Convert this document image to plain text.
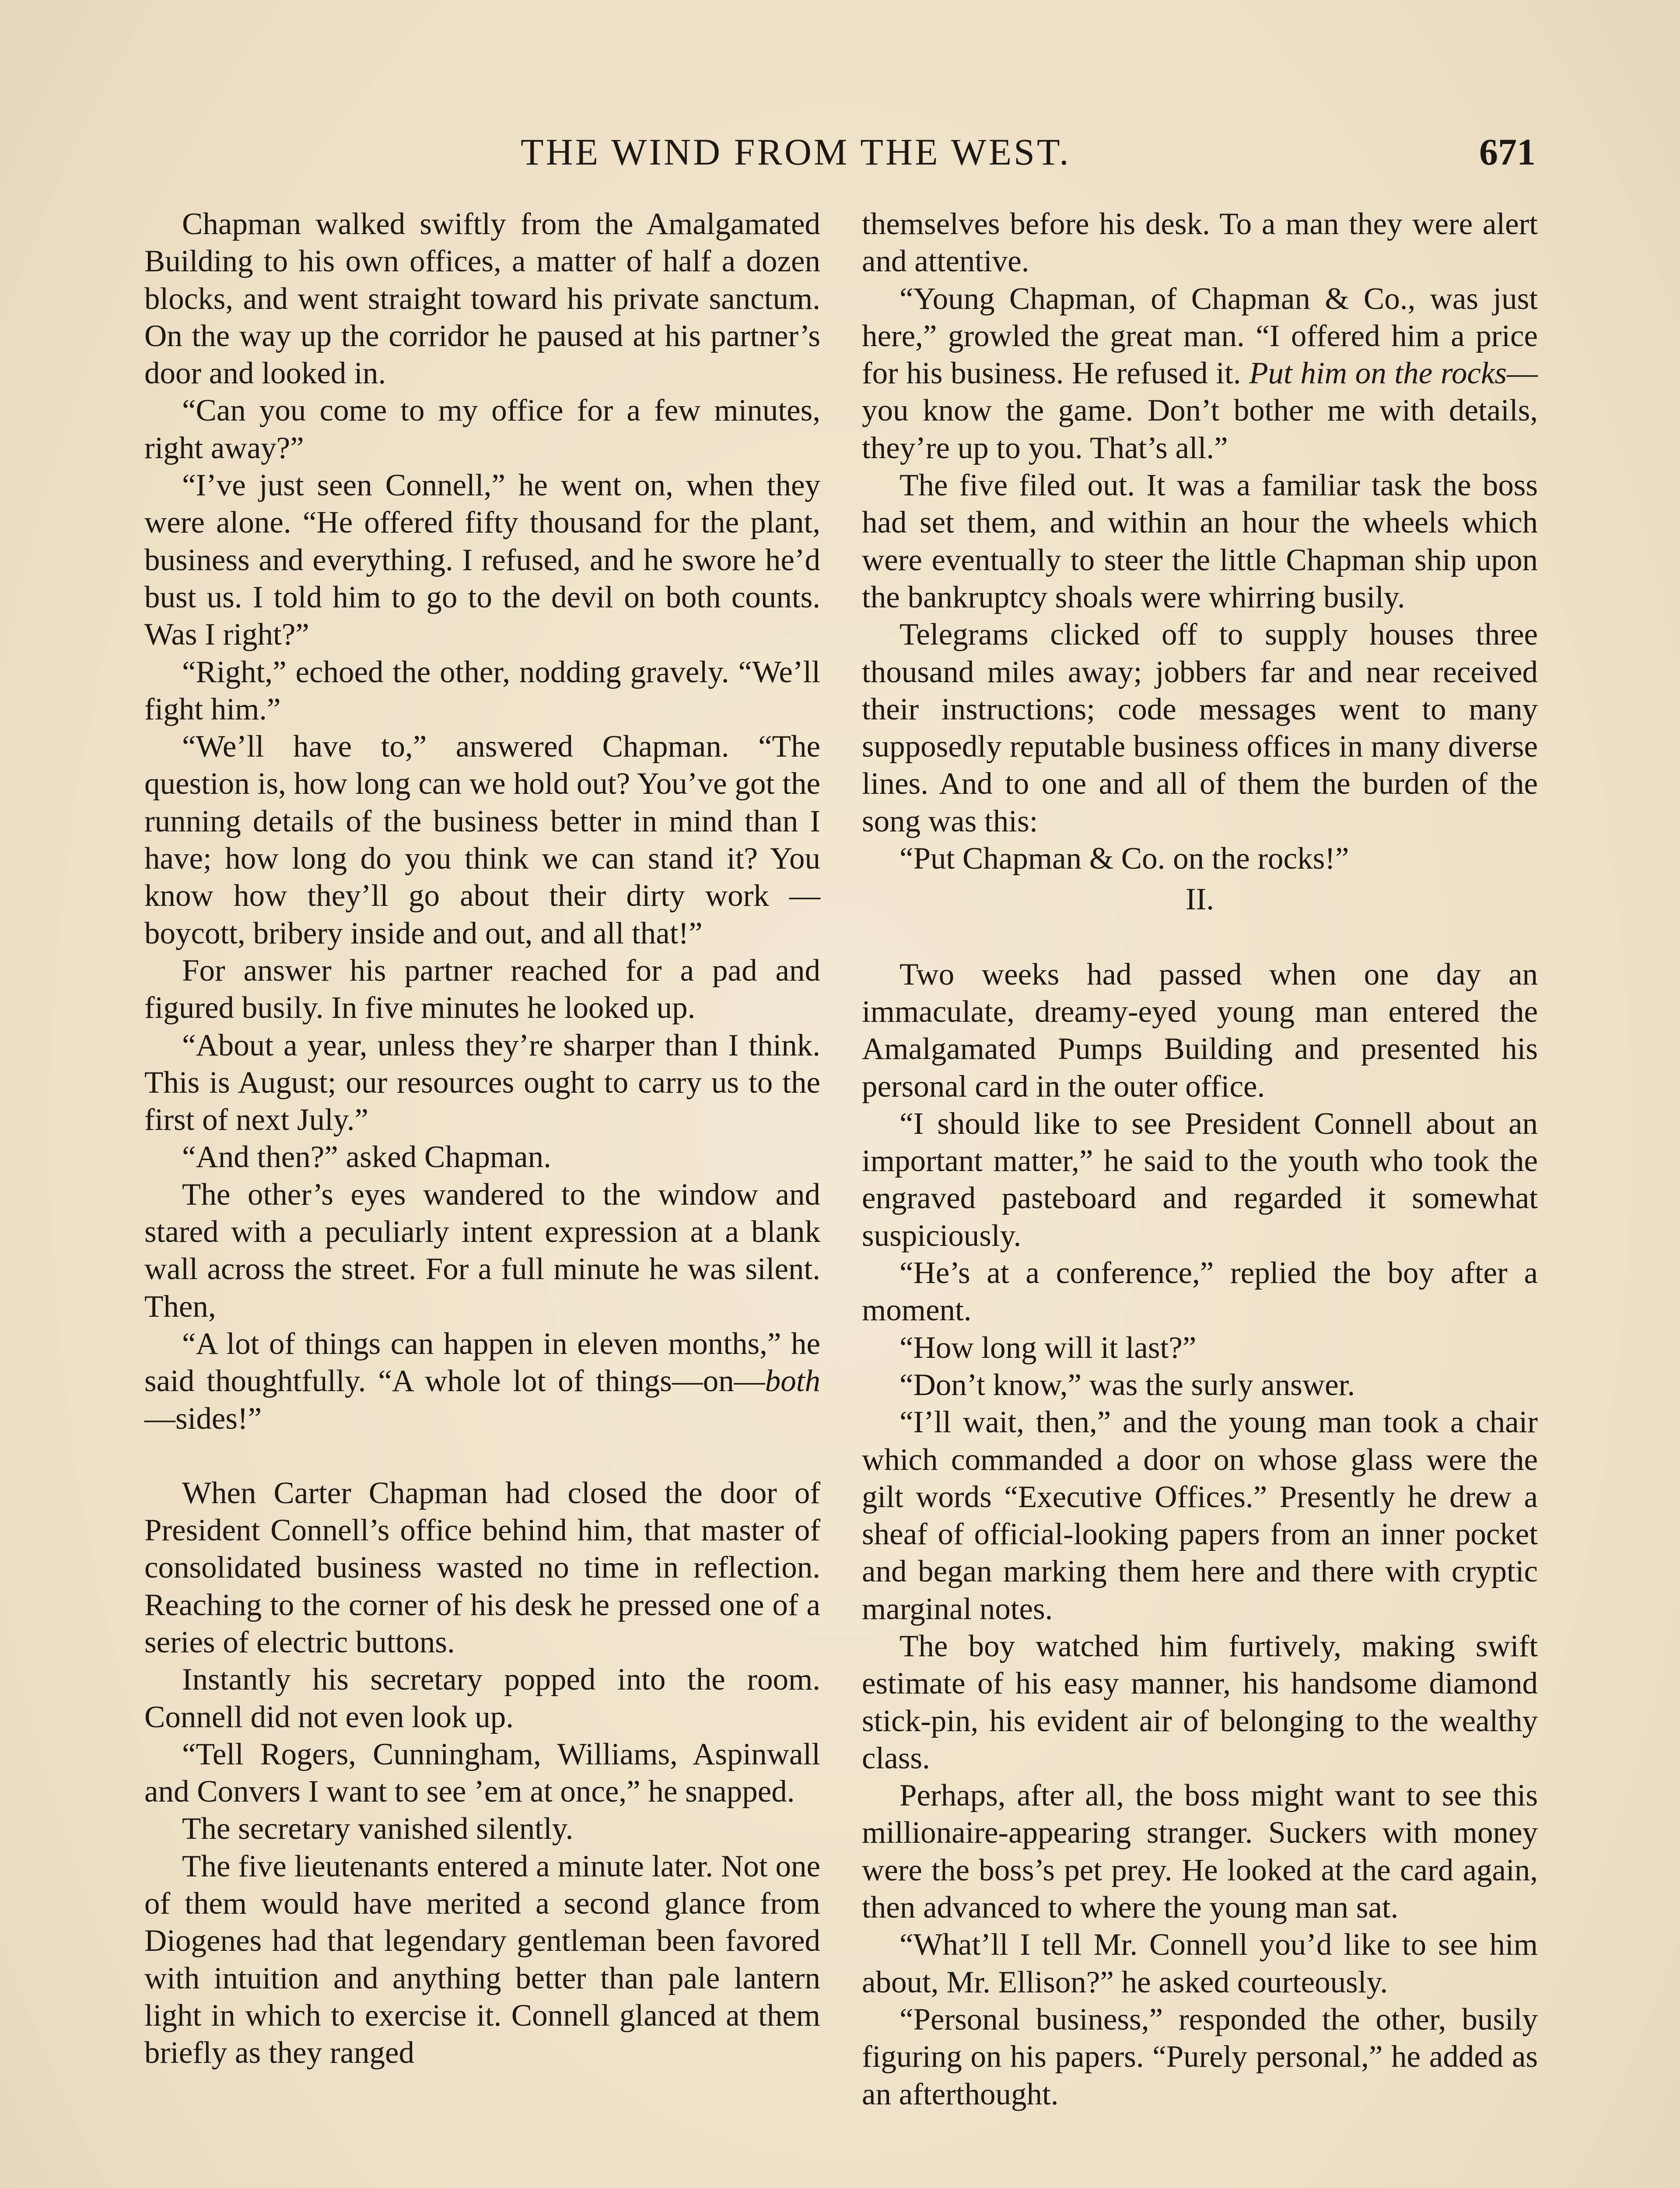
THE WIND FROM THE WEST.	671

Chapman walked swiftly from the Amalgamated Building to his own offices, a matter of half a dozen blocks, and went straight toward his private sanctum. On the way up the corridor he paused at his partner’s door and looked in.

“Can you come to my office for a few minutes, right away?”

“I’ve just seen Connell,” he went on, when they were alone. “He offered fifty thousand for the plant, business and everything. I refused, and he swore he’d bust us. I told him to go to the devil on both counts. Was I right?”

“Right,” echoed the other, nodding gravely. “We’ll fight him.”

“We’ll have to,” answered Chapman. “The question is, how long can we hold out? You’ve got the running details of the business better in mind than I have; how long do you think we can stand it? You know how they’ll go about their dirty work —boycott, bribery inside and out, and all that!”

For answer his partner reached for a pad and figured busily. In five minutes he looked up.

“About a year, unless they’re sharper than I think. This is August; our resources ought to carry us to the first of next July.”

“And then?” asked Chapman.

The other’s eyes wandered to the window and stared with a peculiarly intent expression at a blank wall across the street. For a full minute he was silent. Then,

“A lot of things can happen in eleven months,” he said thoughtfully. “A whole lot of things—on—both—sides!”

When Carter Chapman had closed the door of President Connell’s office behind him, that master of consolidated business wasted no time in reflection. Reaching to the corner of his desk he pressed one of a series of electric buttons.

Instantly his secretary popped into the room. Connell did not even look up.

“Tell Rogers, Cunningham, Williams, Aspinwall and Convers I want to see ’em at once,” he snapped.

The secretary vanished silently.

The five lieutenants entered a minute later. Not one of them would have merited a second glance from Diogenes had that legendary gentleman been favored with intuition and anything better than pale lantern light in which to exercise it. Connell glanced at them briefly as they ranged

themselves before his desk. To a man they were alert and attentive.

“Young Chapman, of Chapman & Co., was just here,” growled the great man. “I offered him a price for his business. He refused it. Put him on the rocks—you know the game. Don’t bother me with details, they’re up to you. That’s all.”

The five filed out. It was a familiar task the boss had set them, and within an hour the wheels which were eventually to steer the little Chapman ship upon the bankruptcy shoals were whirring busily.

Telegrams clicked off to supply houses three thousand miles away; jobbers far and near received their instructions; code messages went to many supposedly reputable business offices in many diverse lines. And to one and all of them the burden of the song was this:

“Put Chapman & Co. on the rocks!”

II.

Two weeks had passed when one day an immaculate, dreamy-eyed young man entered the Amalgamated Pumps Building and presented his personal card in the outer office.

“I should like to see President Connell about an important matter,” he said to the youth who took the engraved pasteboard and regarded it somewhat suspiciously.

“He’s at a conference,” replied the boy after a moment.

“How long will it last?”

“Don’t know,” was the surly answer.

“I’ll wait, then,” and the young man took a chair which commanded a door on whose glass were the gilt words “Executive Offices.” Presently he drew a sheaf of official-looking papers from an inner pocket and began marking them here and there with cryptic marginal notes.

The boy watched him furtively, making swift estimate of his easy manner, his handsome diamond stick-pin, his evident air of belonging to the wealthy class.

Perhaps, after all, the boss might want to see this millionaire-appearing stranger. Suckers with money were the boss’s pet prey. He looked at the card again, then advanced to where the young man sat.

“What’ll I tell Mr. Connell you’d like to see him about, Mr. Ellison?” he asked courteously.

“Personal business,” responded the other, busily figuring on his papers. “Purely personal,” he added as an afterthought.
